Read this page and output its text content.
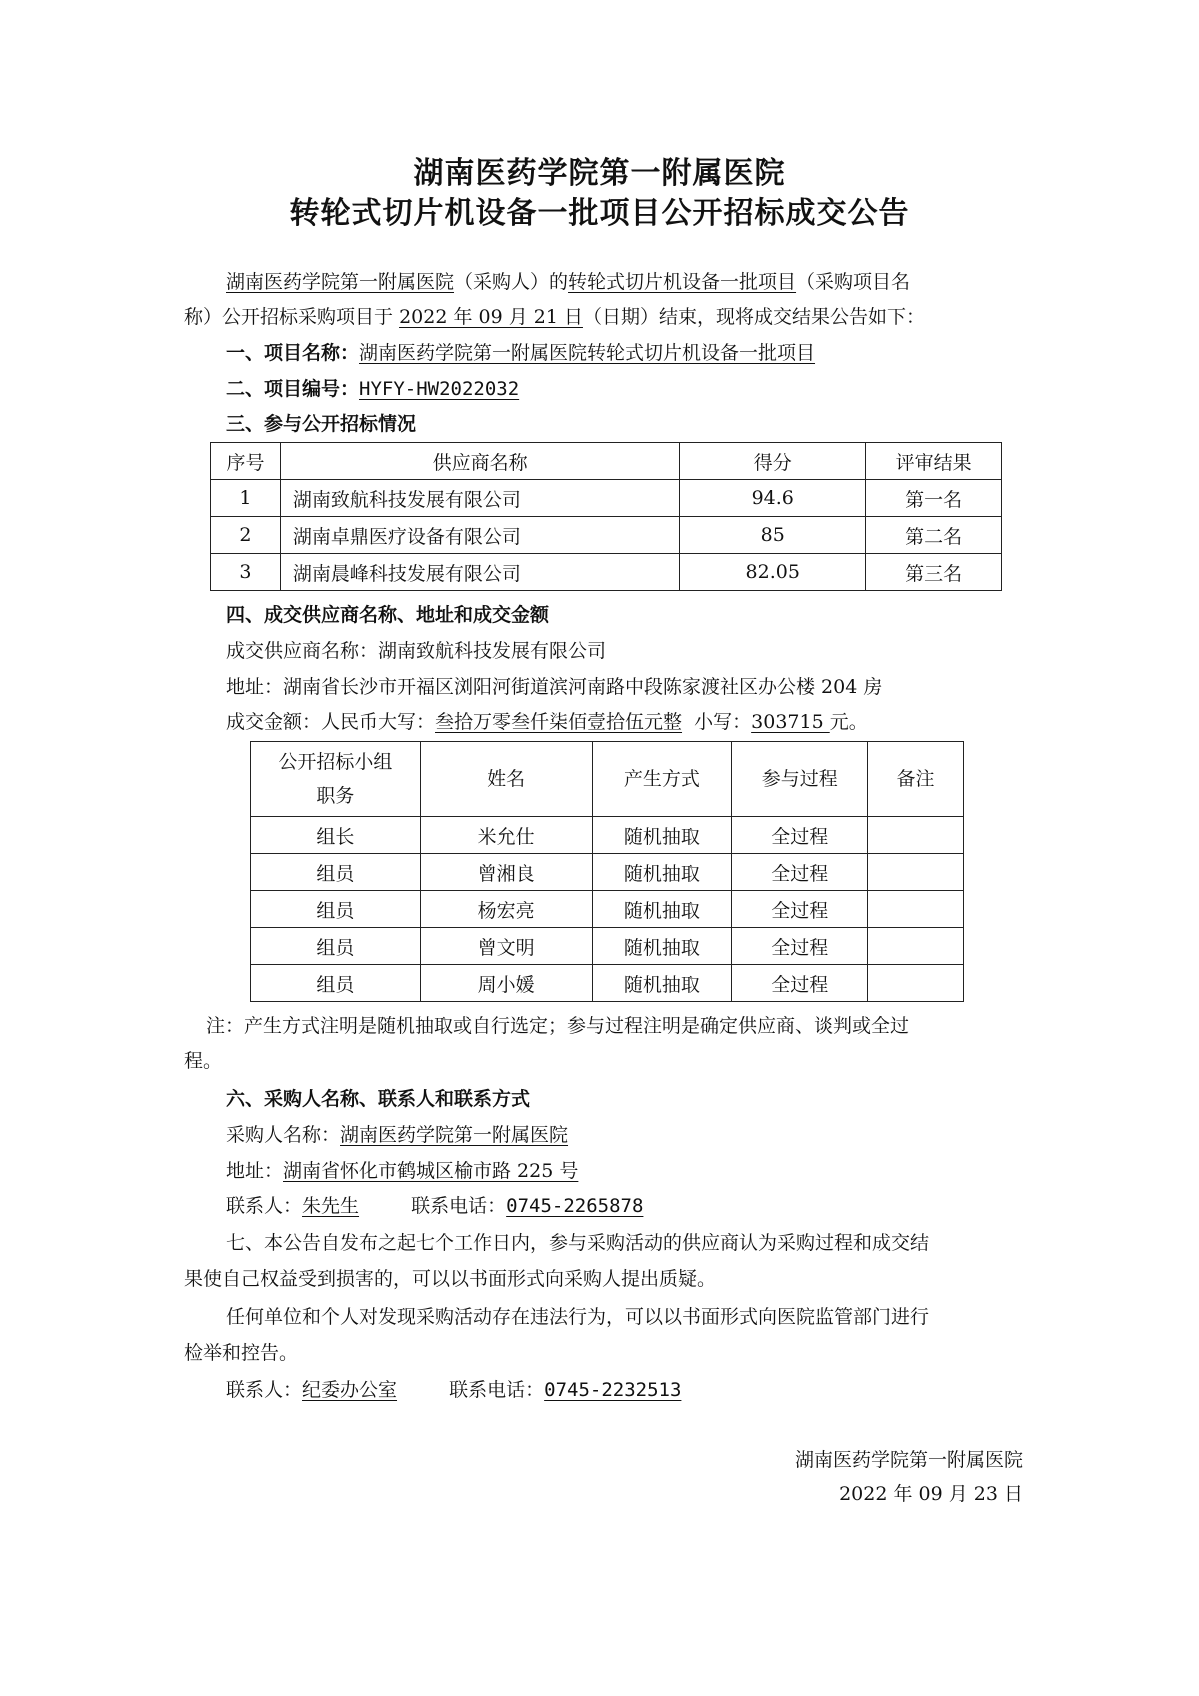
湖南医药学院第一附属医院
转轮式切片机设备一批项目公开招标成交公告
湖南医药学院第一附属医院（采购人）的转轮式切片机设备一批项目（采购项目名
称）公开招标采购项目于 2022 年 09 月 21 日（日期）结束，现将成交结果公告如下：
一、项目名称：湖南医药学院第一附属医院转轮式切片机设备一批项目
二、项目编号：HYFY-HW2022032
三、参与公开招标情况
序号	供应商名称	得分	评审结果
1	湖南致航科技发展有限公司	94.6	第一名
2	湖南卓鼎医疗设备有限公司	85	第二名
3	湖南晨峰科技发展有限公司	82.05	第三名
四、成交供应商名称、地址和成交金额
成交供应商名称：湖南致航科技发展有限公司
地址：湖南省长沙市开福区浏阳河街道滨河南路中段陈家渡社区办公楼 204 房
成交金额：人民币大写：叁拾万零叁仟柒佰壹拾伍元整 小写：303715 元。
公开招标小组
职务	姓名	产生方式	参与过程	备注
组长	米允仕	随机抽取	全过程	
组员	曾湘良	随机抽取	全过程	
组员	杨宏亮	随机抽取	全过程	
组员	曾文明	随机抽取	全过程	
组员	周小媛	随机抽取	全过程	
注：产生方式注明是随机抽取或自行选定；参与过程注明是确定供应商、谈判或全过
程。
六、采购人名称、联系人和联系方式
采购人名称：湖南医药学院第一附属医院
地址：湖南省怀化市鹤城区榆市路 225 号
联系人：朱先生	联系电话：0745-2265878
七、本公告自发布之起七个工作日内，参与采购活动的供应商认为采购过程和成交结
果使自己权益受到损害的，可以以书面形式向采购人提出质疑。
任何单位和个人对发现采购活动存在违法行为，可以以书面形式向医院监管部门进行
检举和控告。
联系人：纪委办公室	联系电话：0745-2232513
湖南医药学院第一附属医院
2022 年 09 月 23 日
